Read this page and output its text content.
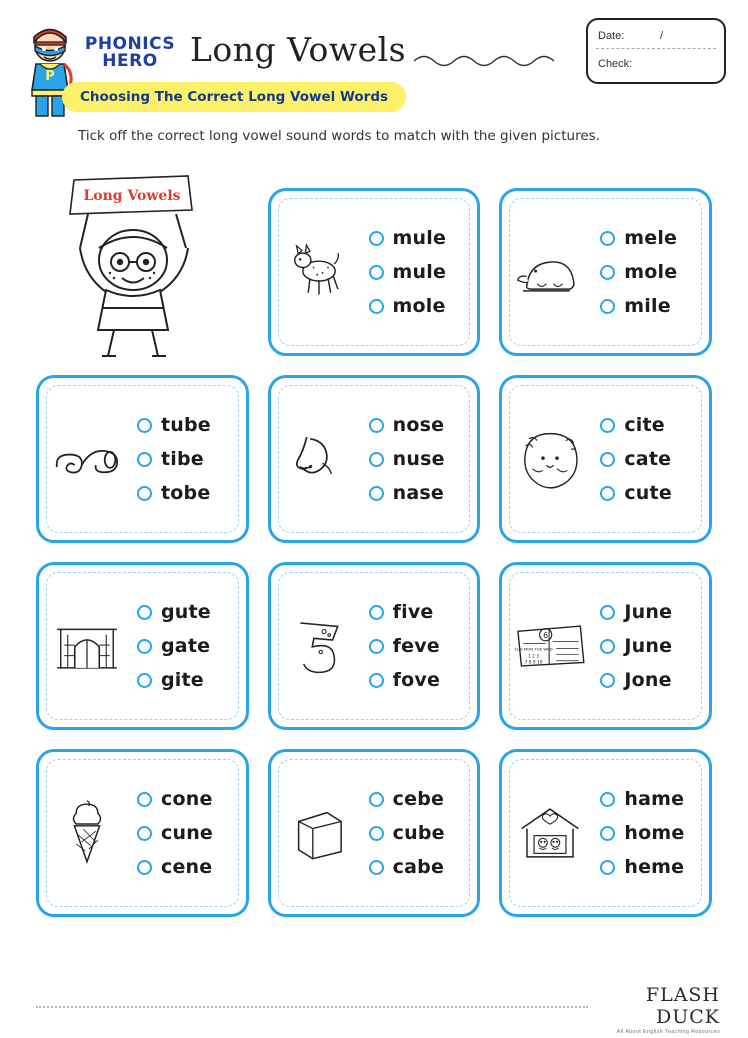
P
PHONICS
HERO Long Vowels	Date:	/
Check:
Choosing The Correct Long Vowel Words
Tick off the correct long vowel sound words to match with the given pictures.
Long Vowels
mule
mule
mole
mele
mole
mile
tube
tibe
tobe
nose
nuse
nase
cite
cate
cute
gute
gate
gite
five
feve
fove
6
SUN MON TUE WED
1 2 3
7 8 9 10
June
June
Jone
cone
cune
cene
cebe
cube
cabe
hame
home
heme
FLASH DUCK
All About English Teaching Resources
